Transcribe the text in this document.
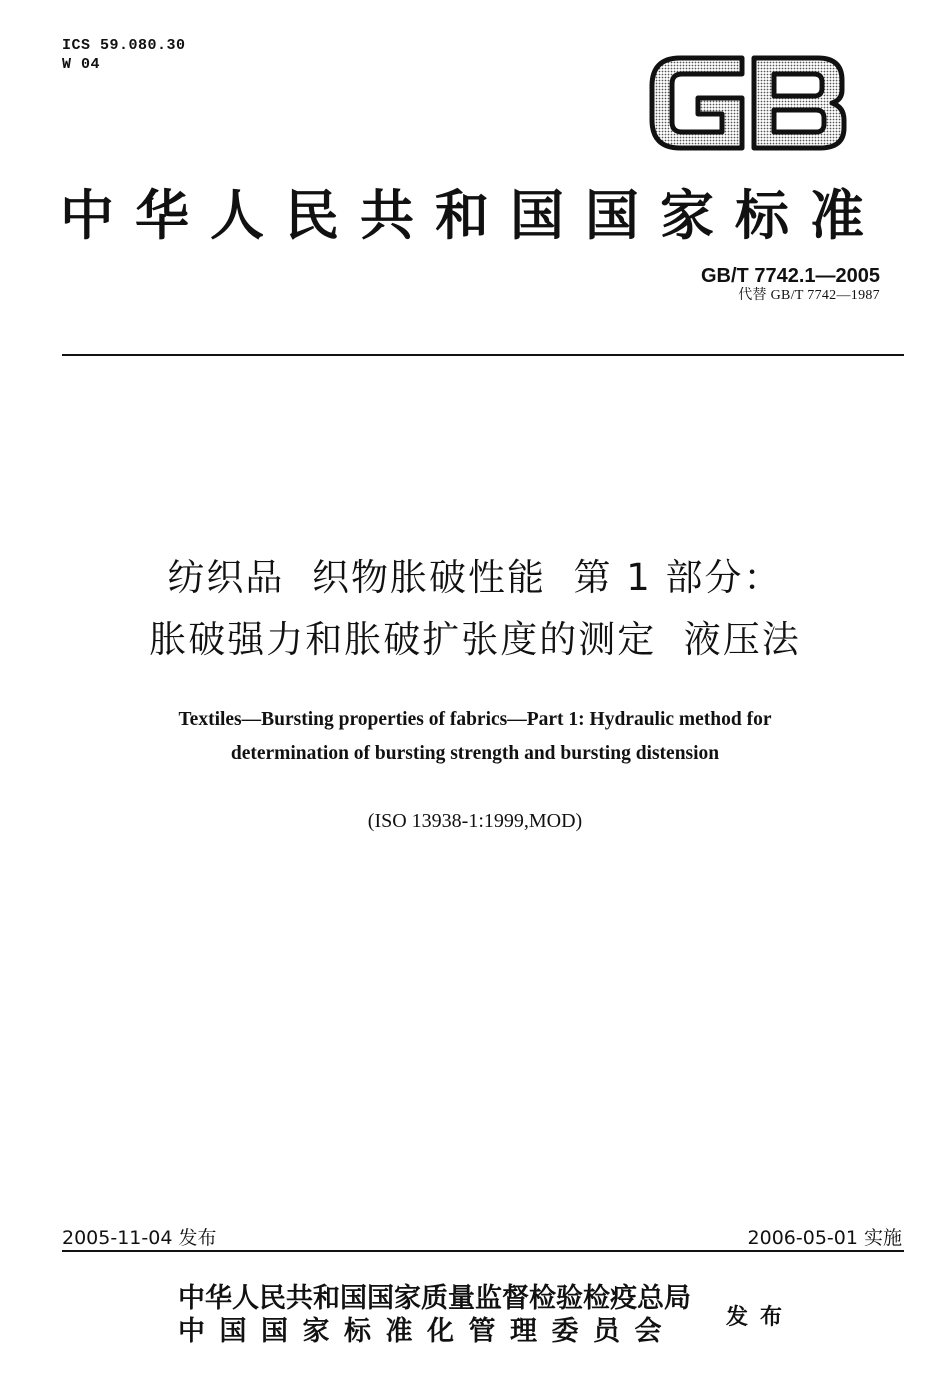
ICS 59.080.30
W 04
中华人民共和国国家标准
GB/T 7742.1—2005
代替 GB/T 7742—1987
纺织品  织物胀破性能  第 1 部分：
胀破强力和胀破扩张度的测定  液压法
Textiles—Bursting properties of fabrics—Part 1: Hydraulic method for
determination of bursting strength and bursting distension
(ISO 13938-1:1999,MOD)
2005-11-04 发布	2006-05-01 实施
中华人民共和国国家质量监督检验检疫总局
中国国家标准化管理委员会	发布
